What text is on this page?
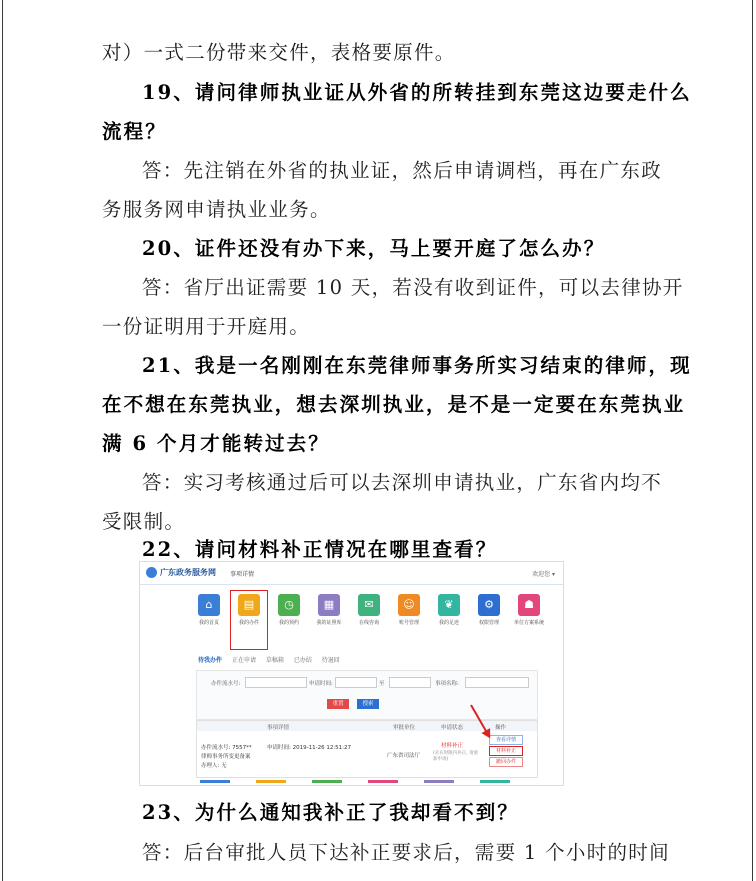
对）一式二份带来交件，表格要原件。
19、请问律师执业证从外省的所转挂到东莞这边要走什么
流程？
答：先注销在外省的执业证，然后申请调档，再在广东政
务服务网申请执业业务。
20、证件还没有办下来，马上要开庭了怎么办？
答：省厅出证需要 10 天，若没有收到证件，可以去律协开
一份证明用于开庭用。
21、我是一名刚刚在东莞律师事务所实习结束的律师，现
在不想在东莞执业，想去深圳执业，是不是一定要在东莞执业
满 6 个月才能转过去？
答：实习考核通过后可以去深圳申请执业，广东省内均不
受限制。
22、请问材料补正情况在哪里查看？
广东政务服务网 事项详情	欢迎您 ▾
⌂
我的首页
▤
我的办件
◷
我的预约
▦
我的证照库
✉
在线咨询
☺
账号管理
❦
我的足迹
⚙
权限管理
☗
单位方案系统
待我办件 正在申请 草稿箱 已办结 待退回
办件流水号:	申请时间:	至	事项名称:
重置	搜索
事项详情	审批单位	申请状态	操作
办件流水号: 7557**	申请时间: 2019-11-26 12:51:27
律师事务所变更备案
办理人: 无
广东省司法厅
材料补正
(未在时限内补正, 请重新申请)
查看详情
材料补正
撤回办件
23、为什么通知我补正了我却看不到？
答：后台审批人员下达补正要求后，需要 1 个小时的时间
